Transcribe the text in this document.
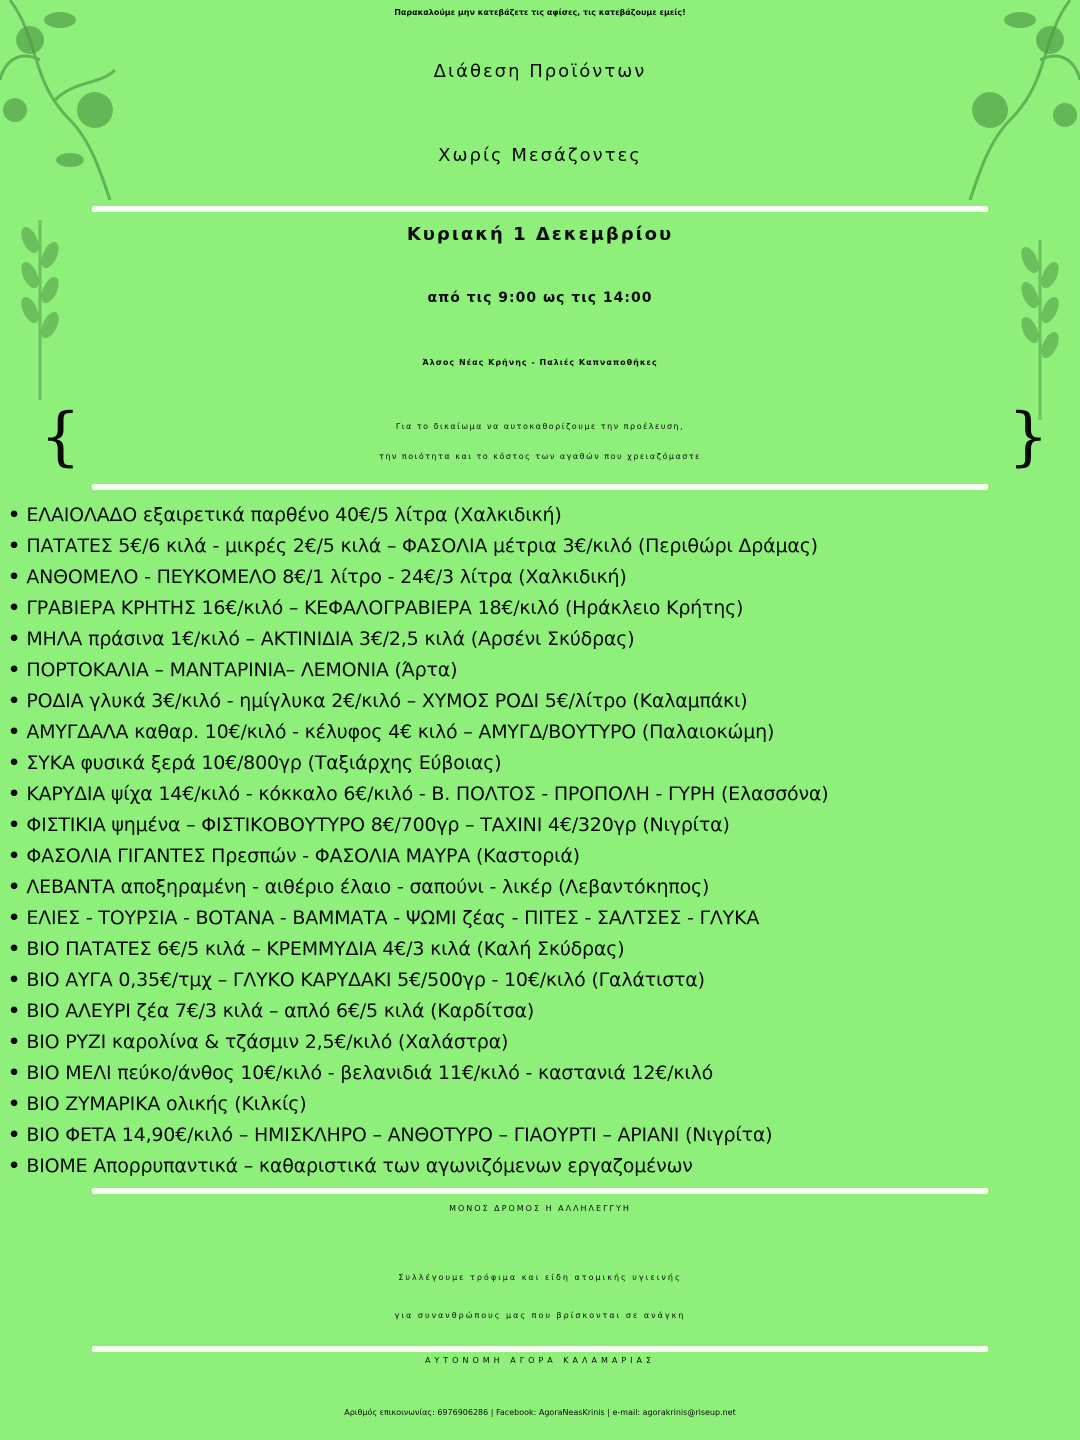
Παρακαλούμε μην κατεβάζετε τις αφίσες, τις κατεβάζουμε εμείς!
Διάθεση Προϊόντων
Χωρίς Μεσάζοντες
Κυριακή 1 Δεκεμβρίου
από τις 9:00 ως τις 14:00
Άλσος Νέας Κρήνης - Παλιές Καπναποθήκες
{	}
Για το δικαίωμα να αυτοκαθορίζουμε την προέλευση,
την ποιότητα και το κόστος των αγαθών που χρειαζόμαστε
• ΕΛΑΙΟΛΑΔΟ εξαιρετικά παρθένο 40€/5 λίτρα (Χαλκιδική)
• ΠΑΤΑΤΕΣ 5€/6 κιλά - μικρές 2€/5 κιλά – ΦΑΣΟΛΙΑ μέτρια 3€/κιλό (Περιθώρι Δράμας)
• ΑΝΘΟΜΕΛΟ - ΠΕΥΚΟΜΕΛΟ 8€/1 λίτρο - 24€/3 λίτρα (Χαλκιδική)
• ΓΡΑΒΙΕΡΑ ΚΡΗΤΗΣ 16€/κιλό – ΚΕΦΑΛΟΓΡΑΒΙΕΡΑ 18€/κιλό (Ηράκλειο Κρήτης)
• ΜΗΛΑ πράσινα 1€/κιλό – ΑΚΤΙΝΙΔΙΑ 3€/2,5 κιλά (Αρσένι Σκύδρας)
• ΠΟΡΤΟΚΑΛΙΑ – ΜΑΝΤΑΡΙΝΙΑ– ΛΕΜΟΝΙΑ (Άρτα)
• ΡΟΔΙΑ γλυκά 3€/κιλό - ημίγλυκα 2€/κιλό – ΧΥΜΟΣ ΡΟΔΙ 5€/λίτρο (Καλαμπάκι)
• ΑΜΥΓΔΑΛΑ καθαρ. 10€/κιλό - κέλυφος 4€ κιλό – ΑΜΥΓΔ/ΒΟΥΤΥΡΟ (Παλαιοκώμη)
• ΣΥΚΑ φυσικά ξερά 10€/800γρ (Ταξιάρχης Εύβοιας)
• ΚΑΡΥΔΙΑ ψίχα 14€/κιλό - κόκκαλο 6€/κιλό - Β. ΠΟΛΤΟΣ - ΠΡΟΠΟΛΗ - ΓΥΡΗ (Ελασσόνα)
• ΦΙΣΤΙΚΙΑ ψημένα – ΦΙΣΤΙΚΟΒΟΥΤΥΡΟ 8€/700γρ – ΤΑΧΙΝΙ 4€/320γρ (Νιγρίτα)
• ΦΑΣΟΛΙΑ ΓΙΓΑΝΤΕΣ Πρεσπών - ΦΑΣΟΛΙΑ ΜΑΥΡΑ (Καστοριά)
• ΛΕΒΑΝΤΑ αποξηραμένη - αιθέριο έλαιο - σαπούνι - λικέρ (Λεβαντόκηπος)
• ΕΛΙΕΣ - ΤΟΥΡΣΙΑ - ΒΟΤΑΝΑ - ΒΑΜΜΑΤΑ - ΨΩΜΙ ζέας - ΠΙΤΕΣ - ΣΑΛΤΣΕΣ - ΓΛΥΚΑ
• ΒΙΟ ΠΑΤΑΤΕΣ 6€/5 κιλά – ΚΡΕΜΜΥΔΙΑ 4€/3 κιλά (Καλή Σκύδρας)
• ΒΙΟ ΑΥΓΑ 0,35€/τμχ – ΓΛΥΚΟ ΚΑΡΥΔΑΚΙ 5€/500γρ - 10€/κιλό (Γαλάτιστα)
• ΒΙΟ ΑΛΕΥΡΙ ζέα 7€/3 κιλά – απλό 6€/5 κιλά (Καρδίτσα)
• ΒΙΟ ΡΥΖΙ καρολίνα & τζάσμιν 2,5€/κιλό (Χαλάστρα)
• ΒΙΟ ΜΕΛΙ πεύκο/άνθος 10€/κιλό - βελανιδιά 11€/κιλό - καστανιά 12€/κιλό
• ΒΙΟ ΖΥΜΑΡΙΚΑ ολικής (Κιλκίς)
• ΒΙΟ ΦΕΤΑ 14,90€/κιλό – ΗΜΙΣΚΛΗΡΟ – ΑΝΘΟΤΥΡΟ – ΓΙΑΟΥΡΤΙ – ΑΡΙΑΝΙ (Νιγρίτα)
• ΒΙΟΜΕ Απορρυπαντικά – καθαριστικά των αγωνιζόμενων εργαζομένων
ΜΟΝΟΣ ΔΡΟΜΟΣ Η ΑΛΛΗΛΕΓΓΥΗ
Συλλέγουμε τρόφιμα και είδη ατομικής υγιεινής
για συνανθρώπους μας που βρίσκονται σε ανάγκη
ΑΥΤΟΝΟΜΗ ΑΓΟΡΑ ΚΑΛΑΜΑΡΙΑΣ
Αριθμός επικοινωνίας: 6976906286 | Facebook: AgoraNeasKrinis | e-mail: agorakrinis@riseup.net
